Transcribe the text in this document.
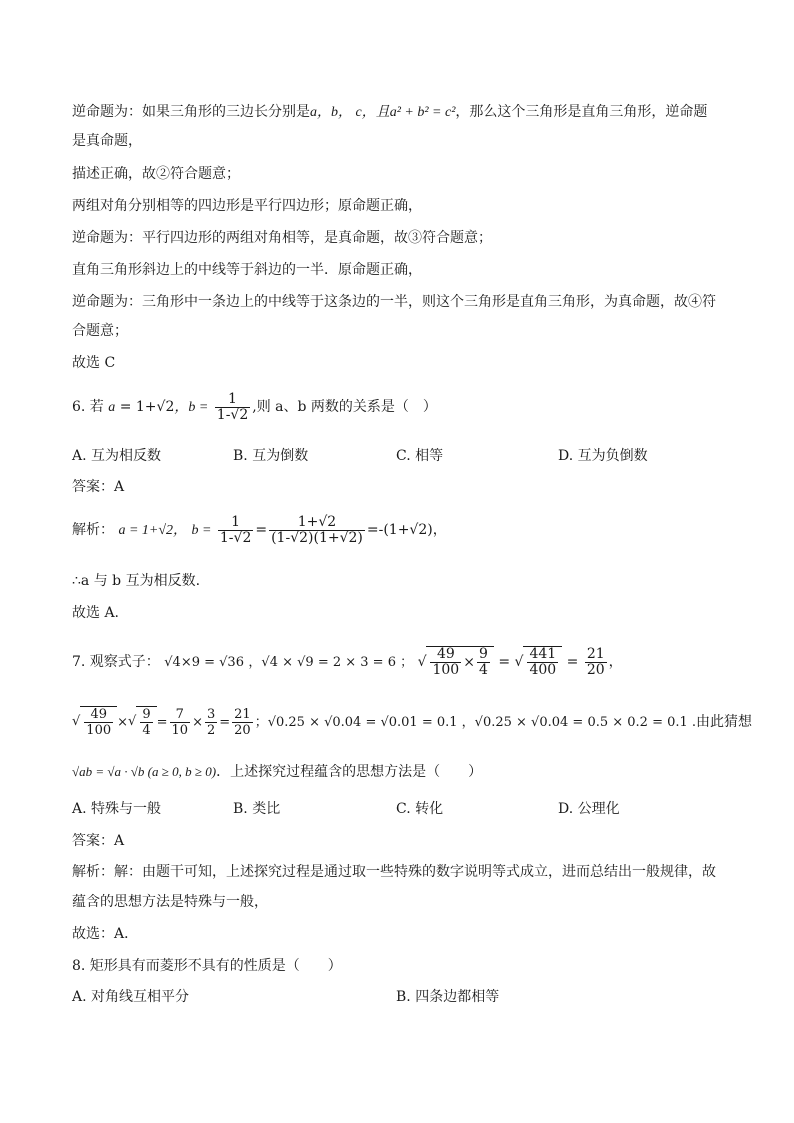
逆命题为：如果三角形的三边长分别是a，b， c，且a² + b² = c²，那么这个三角形是直角三角形，逆命题
是真命题，
描述正确，故②符合题意；
两组对角分别相等的四边形是平行四边形；原命题正确，
逆命题为：平行四边形的两组对角相等，是真命题，故③符合题意；
直角三角形斜边上的中线等于斜边的一半．原命题正确，
逆命题为：三角形中一条边上的中线等于这条边的一半，则这个三角形是直角三角形，为真命题，故④符
合题意；
故选 C
6. 若 a = 1+√2，$b = \frac{1}{1-√2}$ ,则 a、b 两数的关系是（　）
A. 互为相反数	B. 互为倒数	C. 相等	D. 互为负倒数
答案：A
解析： a = 1+√2， $b = \frac{1}{1-√2} = \frac{1+√2}{(1-√2)(1+√2)} =-(1+√2)$，
∴a 与 b 互为相反数.
故选 A.
7. 观察式子： √4×9 = √36 ，√4 × √9 = 2 × 3 = 6 ； √ $\frac{49}{100} \times \frac{9}{4}$ = √ $\frac{441}{400} = \frac{21}{20}$ ，
√ $\frac{49}{100}$ ×√ $\frac{9}{4} = \frac{7}{10} \times \frac{3}{2} = \frac{21}{20}$ ；√0.25 × √0.04 = √0.01 = 0.1 ，√0.25 × √0.04 = 0.5 × 0.2 = 0.1 .由此猜想
√ab = √a · √b (a ≥ 0, b ≥ 0)．上述探究过程蕴含的思想方法是（　　）
A. 特殊与一般	B. 类比	C. 转化	D. 公理化
答案：A
解析：解：由题干可知，上述探究过程是通过取一些特殊的数字说明等式成立，进而总结出一般规律，故
蕴含的思想方法是特殊与一般，
故选：A．
8. 矩形具有而菱形不具有的性质是（　　）
A. 对角线互相平分	B. 四条边都相等
